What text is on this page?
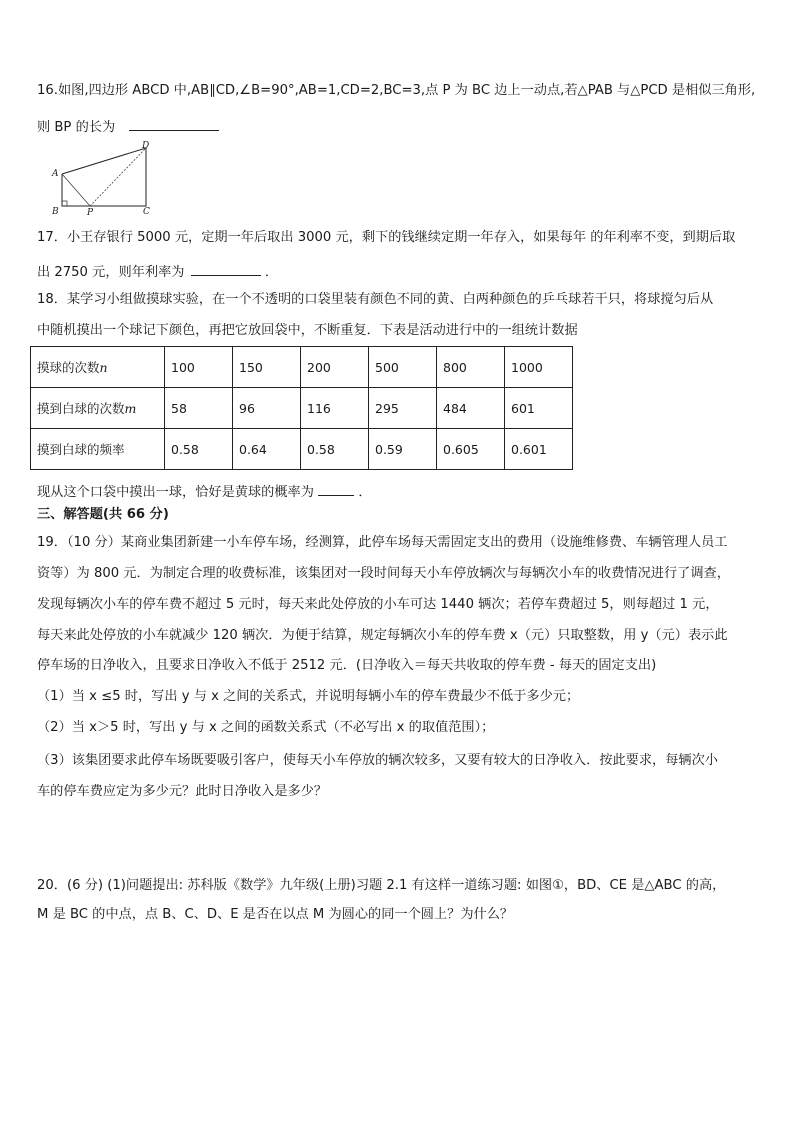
16.如图,四边形 ABCD 中,AB∥CD,∠B=90°,AB=1,CD=2,BC=3,点 P 为 BC 边上一动点,若△PAB 与△PCD 是相似三角形,
则 BP 的长为
A
B	C
D
P
17．小王存银行 5000 元，定期一年后取出 3000 元，剩下的钱继续定期一年存入，如果每年 的年利率不变，到期后取
出 2750 元，则年利率为	．
18．某学习小组做摸球实验，在一个不透明的口袋里装有颜色不同的黄、白两种颜色的乒乓球若干只，将球搅匀后从
中随机摸出一个球记下颜色，再把它放回袋中，不断重复．下表是活动进行中的一组统计数据
摸球的次数n	100	150	200	500	800	1000
摸到白球的次数m	58	96	116	295	484	601
摸到白球的频率	0.58	0.64	0.58	0.59	0.605	0.601
现从这个口袋中摸出一球，恰好是黄球的概率为	．
三、解答题(共 66 分)
19．（10 分）某商业集团新建一小车停车场，经测算，此停车场每天需固定支出的费用（设施维修费、车辆管理人员工
资等）为 800 元．为制定合理的收费标准，该集团对一段时间每天小车停放辆次与每辆次小车的收费情况进行了调查，
发现每辆次小车的停车费不超过 5 元时，每天来此处停放的小车可达 1440 辆次；若停车费超过 5，则每超过 1 元，
每天来此处停放的小车就减少 120 辆次．为便于结算，规定每辆次小车的停车费 x（元）只取整数，用 y（元）表示此
停车场的日净收入，且要求日净收入不低于 2512 元．(日净收入＝每天共收取的停车费 - 每天的固定支出)
（1）当 x ≤5 时，写出 y 与 x 之间的关系式，并说明每辆小车的停车费最少不低于多少元；
（2）当 x＞5 时，写出 y 与 x 之间的函数关系式（不必写出 x 的取值范围）；
（3）该集团要求此停车场既要吸引客户，使每天小车停放的辆次较多，又要有较大的日净收入．按此要求，每辆次小
车的停车费应定为多少元？此时日净收入是多少？
20．(6 分) (1)问题提出: 苏科版《数学》九年级(上册)习题 2.1 有这样一道练习题: 如图①，BD、CE 是△ABC 的高，
M 是 BC 的中点，点 B、C、D、E 是否在以点 M 为圆心的同一个圆上？为什么？
